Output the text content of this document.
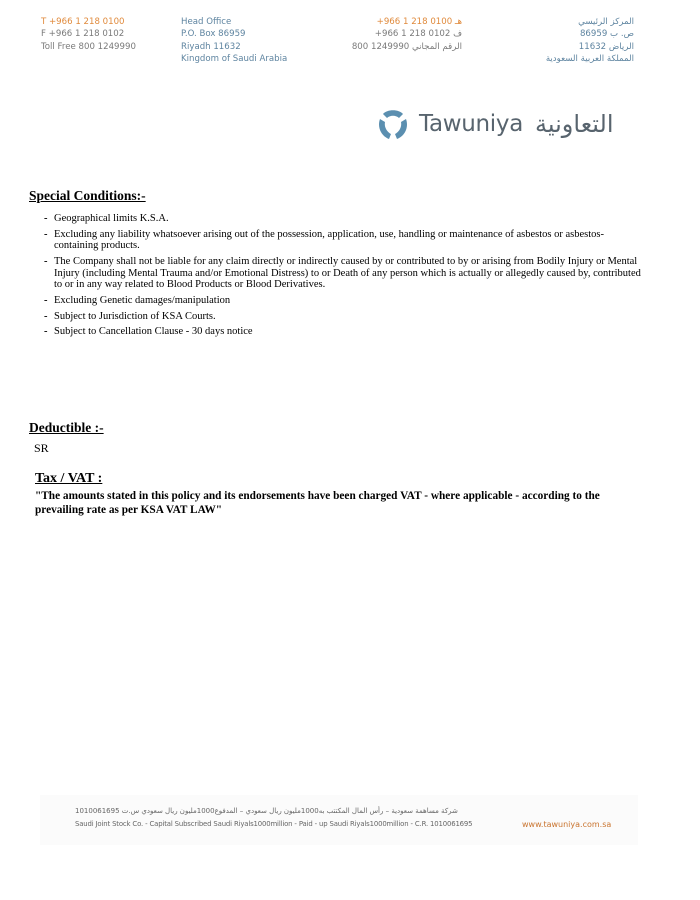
T +966 1 218 0100
F +966 1 218 0102
Toll Free 800 1249990
Head Office
P.O. Box 86959
Riyadh 11632
Kingdom of Saudi Arabia
هـ 0100 218 1 966+
ف 0102 218 1 966+
الرقم المجاني 1249990 800
المركز الرئيسي
ص. ب 86959
الرياض 11632
المملكة العربية السعودية
Tawuniya التعاونية
Special Conditions:-
- Geographical limits K.S.A.
- Excluding any liability whatsoever arising out of the possession, application, use, handling or maintenance of asbestos or asbestos-containing products.
- The Company shall not be liable for any claim directly or indirectly caused by or contributed to by or arising from Bodily Injury or Mental Injury (including Mental Trauma and/or Emotional Distress) to or Death of any person which is actually or allegedly caused by, contributed to or in any way related to Blood Products or Blood Derivatives.
- Excluding Genetic damages/manipulation
- Subject to Jurisdiction of KSA Courts.
- Subject to Cancellation Clause - 30 days notice
Deductible :-
SR
Tax / VAT :
"The amounts stated in this policy and its endorsements have been charged VAT - where applicable - according to the prevailing rate as per KSA VAT LAW"
شركة مساهمة سعودية – رأس المال المكتتب به1000مليون ريال سعودي – المدفوع1000مليون ريال سعودي س.ت 1010061695
Saudi Joint Stock Co. - Capital Subscribed Saudi Riyals1000million - Paid - up Saudi Riyals1000million - C.R. 1010061695	www.tawuniya.com.sa
